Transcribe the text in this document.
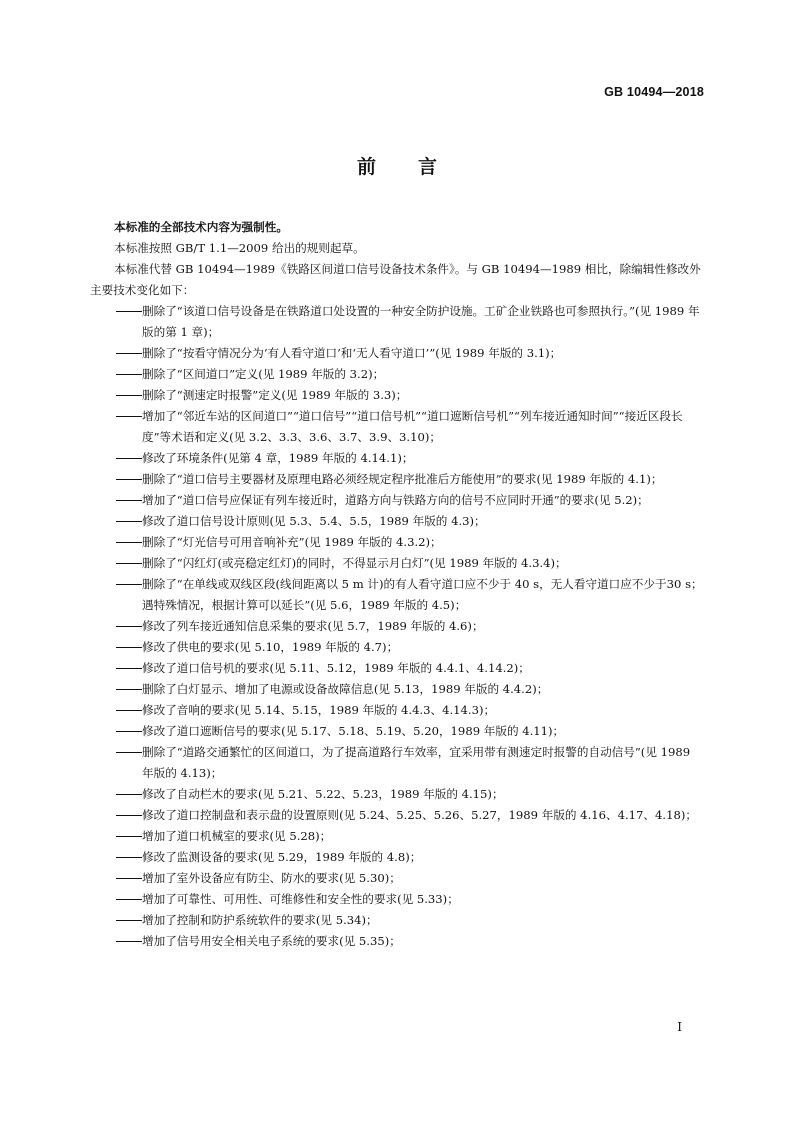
GB 10494—2018
前言

本标准的全部技术内容为强制性。

本标准按照 GB/T 1.1—2009 给出的规则起草。

本标准代替 GB 10494—1989《铁路区间道口信号设备技术条件》。与 GB 10494—1989 相比，除编辑性修改外主要技术变化如下：

删除了“该道口信号设备是在铁路道口处设置的一种安全防护设施。工矿企业铁路也可参照执行。”(见 1989 年版的第 1 章)；

删除了“按看守情况分为‘有人看守道口’和‘无人看守道口’”(见 1989 年版的 3.1)；

删除了“区间道口”定义(见 1989 年版的 3.2)；

删除了“测速定时报警”定义(见 1989 年版的 3.3)；

增加了“邻近车站的区间道口”“道口信号”“道口信号机”“道口遮断信号机”“列车接近通知时间”“接近区段长度”等术语和定义(见 3.2、3.3、3.6、3.7、3.9、3.10)；

修改了环境条件(见第 4 章，1989 年版的 4.14.1)；

删除了“道口信号主要器材及原理电路必须经规定程序批准后方能使用”的要求(见 1989 年版的 4.1)；

增加了“道口信号应保证有列车接近时，道路方向与铁路方向的信号不应同时开通”的要求(见 5.2)；

修改了道口信号设计原则(见 5.3、5.4、5.5，1989 年版的 4.3)；

删除了“灯光信号可用音响补充”(见 1989 年版的 4.3.2)；

删除了“闪红灯(或亮稳定红灯)的同时，不得显示月白灯”(见 1989 年版的 4.3.4)；

删除了“在单线或双线区段(线间距离以 5 m 计)的有人看守道口应不少于 40 s，无人看守道口应不少于30 s；遇特殊情况，根据计算可以延长”(见 5.6，1989 年版的 4.5)；

修改了列车接近通知信息采集的要求(见 5.7，1989 年版的 4.6)；

修改了供电的要求(见 5.10，1989 年版的 4.7)；

修改了道口信号机的要求(见 5.11、5.12，1989 年版的 4.4.1、4.14.2)；

删除了白灯显示、增加了电源或设备故障信息(见 5.13，1989 年版的 4.4.2)；

修改了音响的要求(见 5.14、5.15，1989 年版的 4.4.3、4.14.3)；

修改了道口遮断信号的要求(见 5.17、5.18、5.19、5.20，1989 年版的 4.11)；

删除了“道路交通繁忙的区间道口，为了提高道路行车效率，宜采用带有测速定时报警的自动信号”(见 1989 年版的 4.13)；

修改了自动栏木的要求(见 5.21、5.22、5.23，1989 年版的 4.15)；

修改了道口控制盘和表示盘的设置原则(见 5.24、5.25、5.26、5.27，1989 年版的 4.16、4.17、4.18)；

增加了道口机械室的要求(见 5.28)；

修改了监测设备的要求(见 5.29，1989 年版的 4.8)；

增加了室外设备应有防尘、防水的要求(见 5.30)；

增加了可靠性、可用性、可维修性和安全性的要求(见 5.33)；

增加了控制和防护系统软件的要求(见 5.34)；

增加了信号用安全相关电子系统的要求(见 5.35)；

I
